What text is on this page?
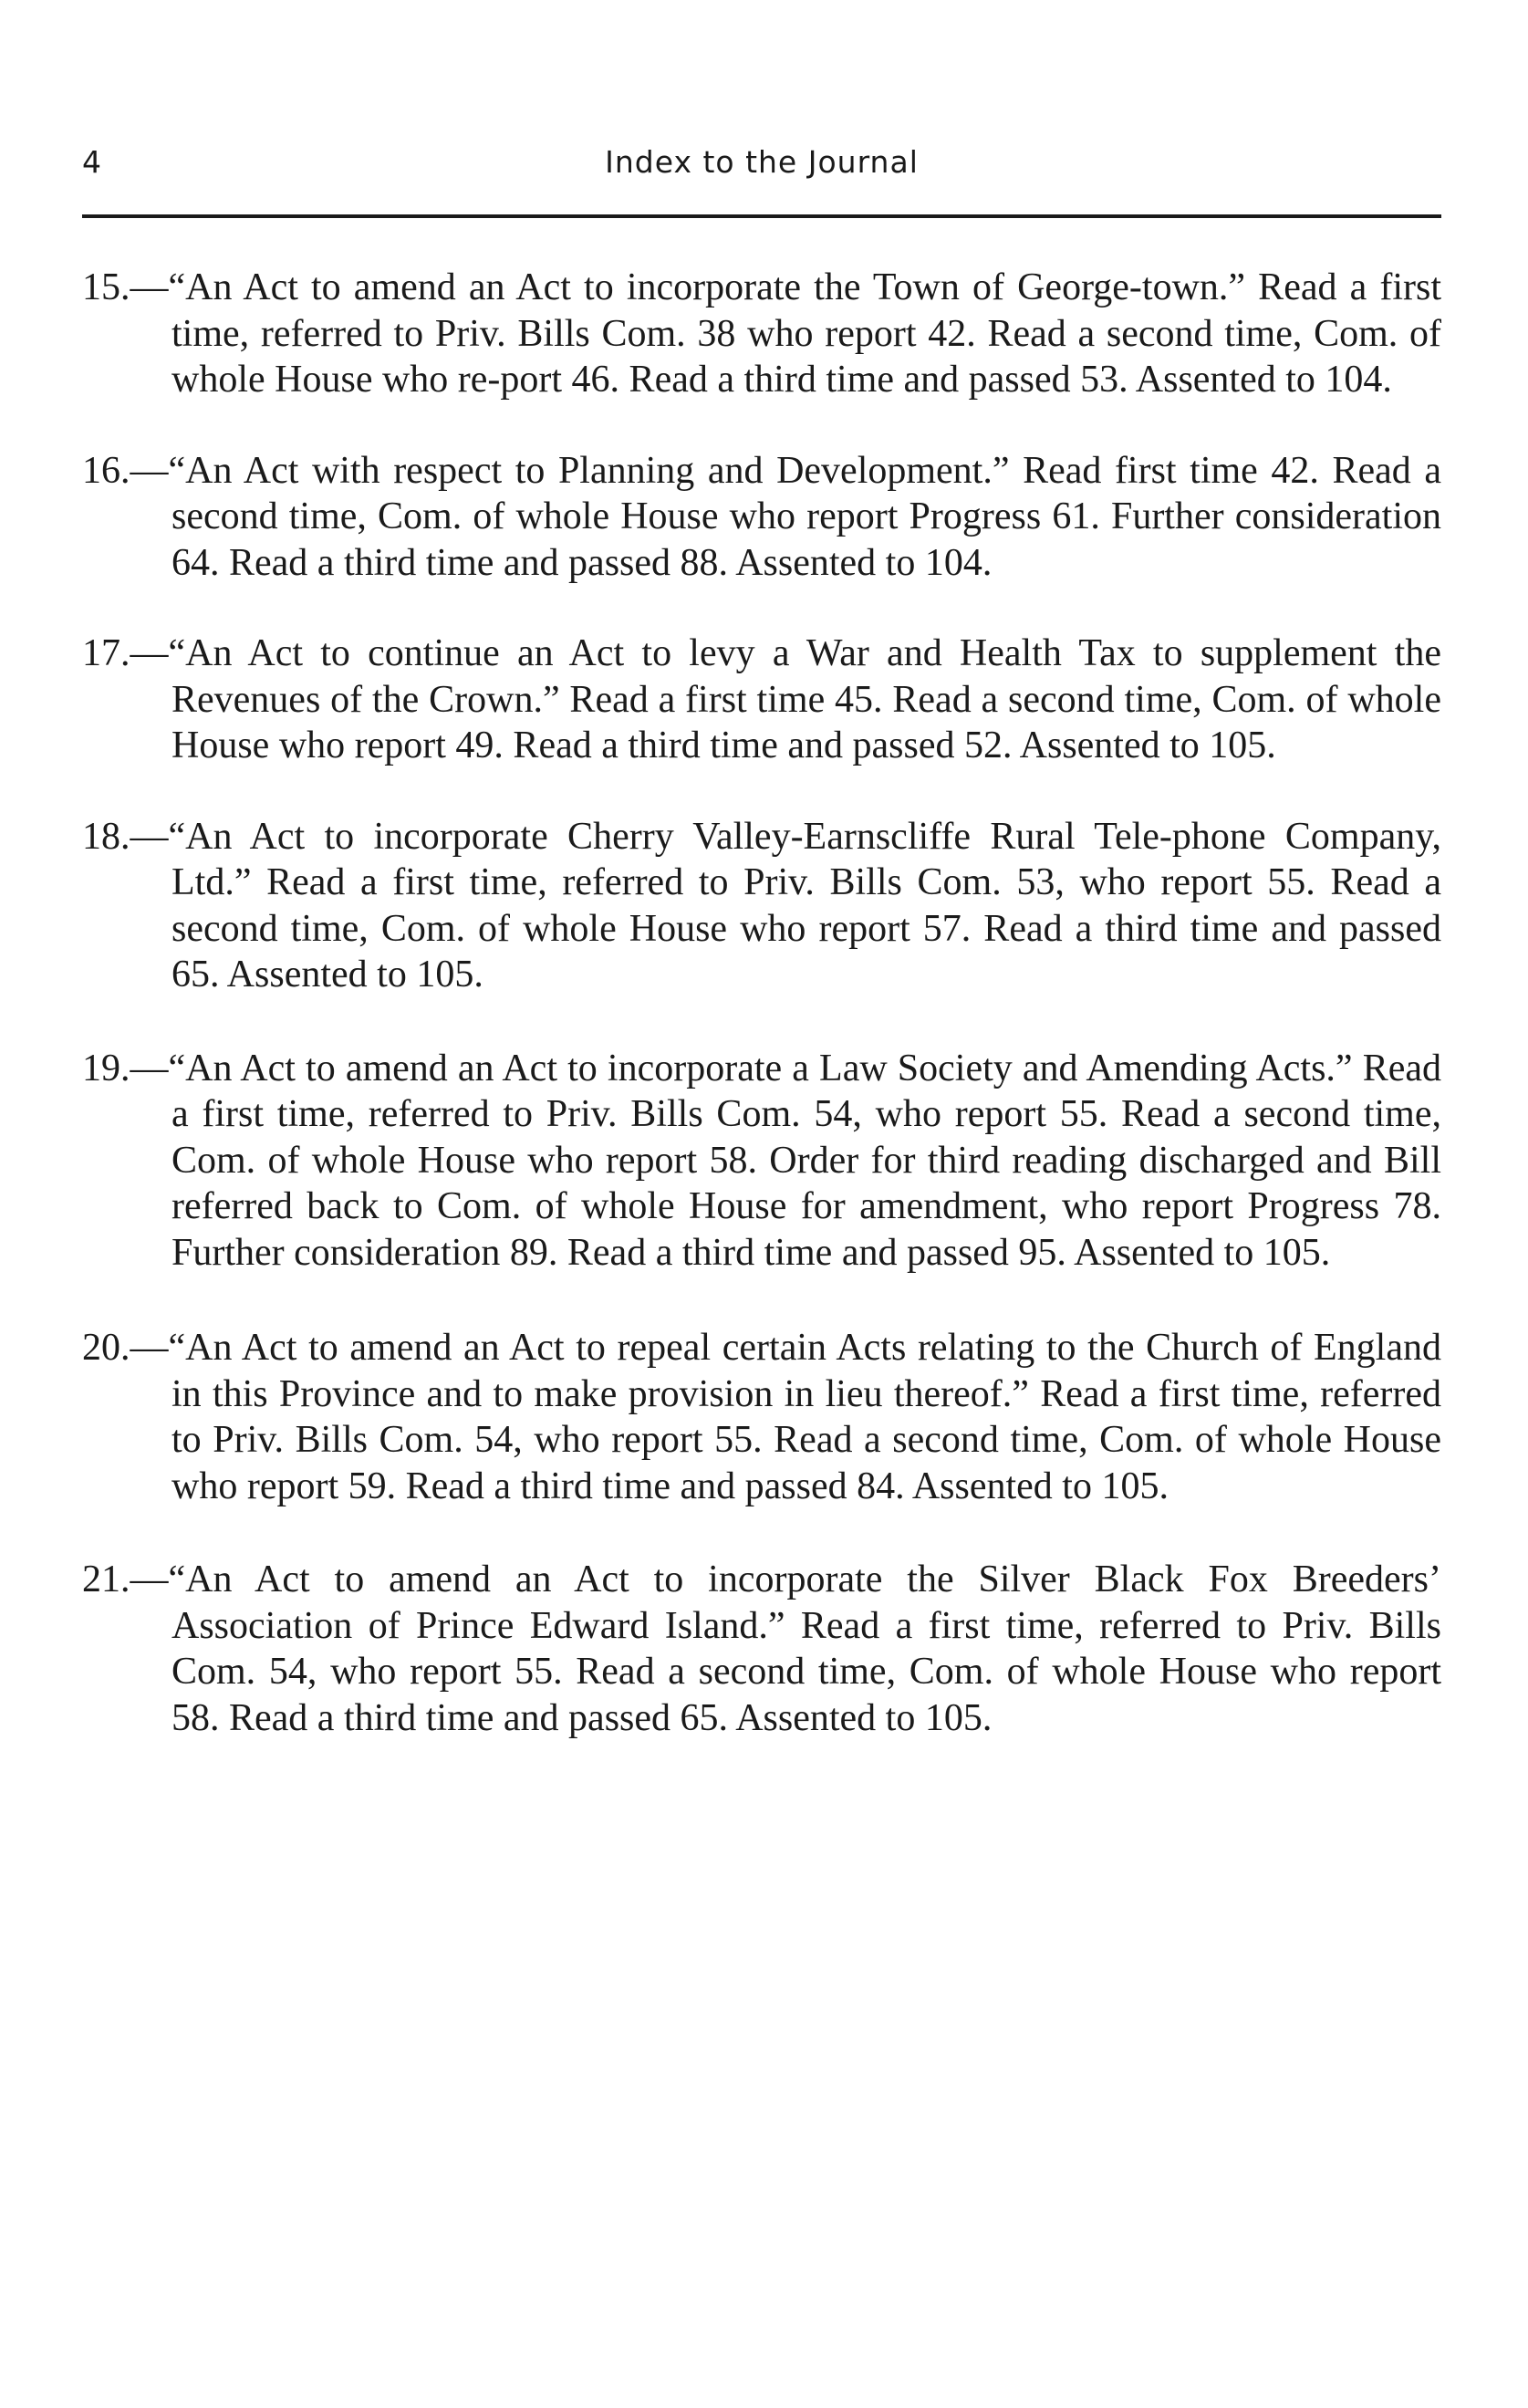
4	Index to the Journal

15.—“An Act to amend an Act to incorporate the Town of George-town.” Read a first time, referred to Priv. Bills Com. 38 who report 42. Read a second time, Com. of whole House who re-port 46. Read a third time and passed 53. Assented to 104.

16.—“An Act with respect to Planning and Development.” Read first time 42. Read a second time, Com. of whole House who report Progress 61. Further consideration 64. Read a third time and passed 88. Assented to 104.

17.—“An Act to continue an Act to levy a War and Health Tax to supplement the Revenues of the Crown.” Read a first time 45. Read a second time, Com. of whole House who report 49. Read a third time and passed 52. Assented to 105.

18.—“An Act to incorporate Cherry Valley-Earnscliffe Rural Tele-phone Company, Ltd.” Read a first time, referred to Priv. Bills Com. 53, who report 55. Read a second time, Com. of whole House who report 57. Read a third time and passed 65. Assented to 105.

19.—“An Act to amend an Act to incorporate a Law Society and Amending Acts.” Read a first time, referred to Priv. Bills Com. 54, who report 55. Read a second time, Com. of whole House who report 58. Order for third reading discharged and Bill referred back to Com. of whole House for amendment, who report Progress 78. Further consideration 89. Read a third time and passed 95. Assented to 105.

20.—“An Act to amend an Act to repeal certain Acts relating to the Church of England in this Province and to make provision in lieu thereof.” Read a first time, referred to Priv. Bills Com. 54, who report 55. Read a second time, Com. of whole House who report 59. Read a third time and passed 84. Assented to 105.

21.—“An Act to amend an Act to incorporate the Silver Black Fox Breeders’ Association of Prince Edward Island.” Read a first time, referred to Priv. Bills Com. 54, who report 55. Read a second time, Com. of whole House who report 58. Read a third time and passed 65. Assented to 105.
